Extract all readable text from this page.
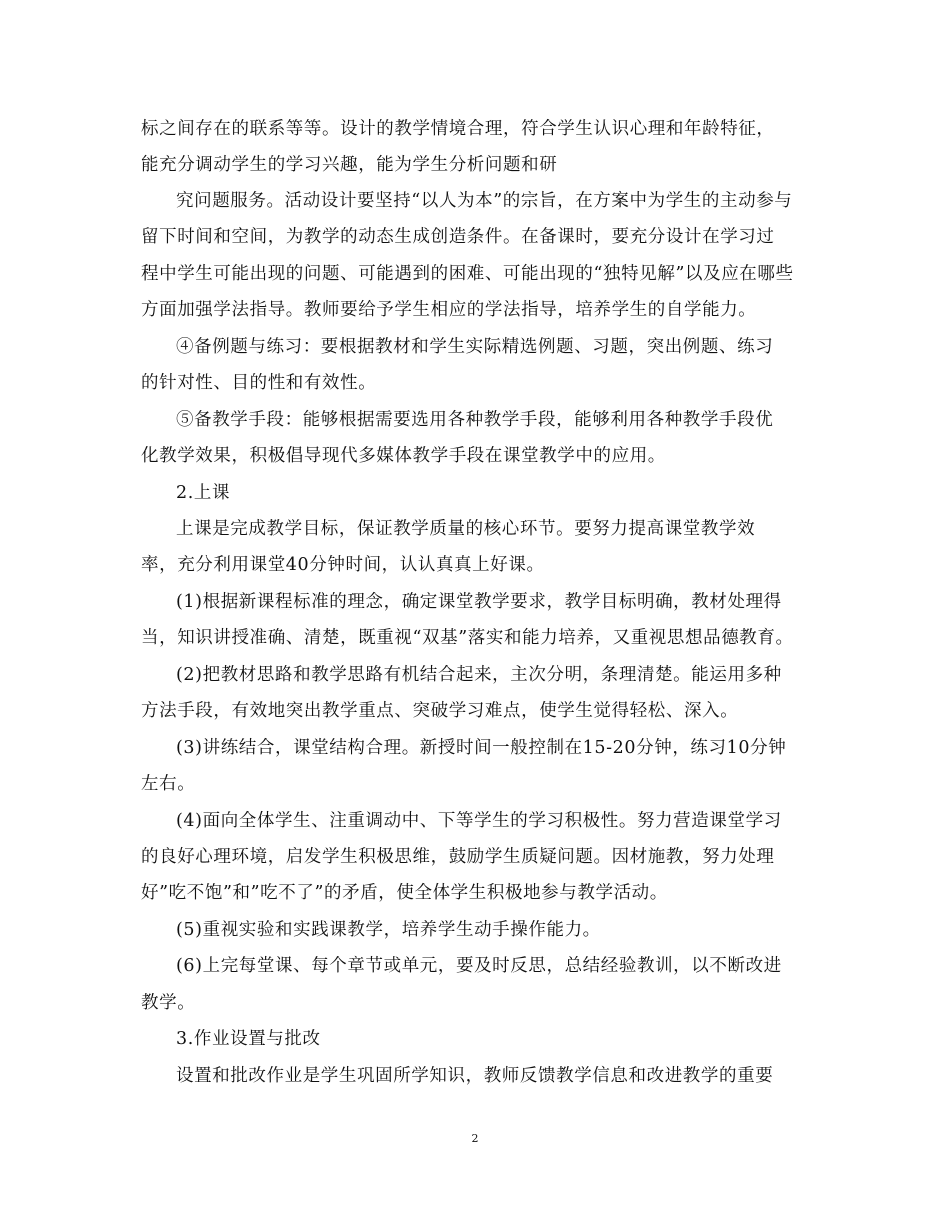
标之间存在的联系等等。设计的教学情境合理，符合学生认识心理和年龄特征，
能充分调动学生的学习兴趣，能为学生分析问题和研
究问题服务。活动设计要坚持“以人为本”的宗旨，在方案中为学生的主动参与
留下时间和空间，为教学的动态生成创造条件。在备课时，要充分设计在学习过
程中学生可能出现的问题、可能遇到的困难、可能出现的“独特见解”以及应在哪些
方面加强学法指导。教师要给予学生相应的学法指导，培养学生的自学能力。
④备例题与练习：要根据教材和学生实际精选例题、习题，突出例题、练习
的针对性、目的性和有效性。
⑤备教学手段：能够根据需要选用各种教学手段，能够利用各种教学手段优
化教学效果，积极倡导现代多媒体教学手段在课堂教学中的应用。
2.上课
上课是完成教学目标，保证教学质量的核心环节。要努力提高课堂教学效
率，充分利用课堂40分钟时间，认认真真上好课。
(1)根据新课程标准的理念，确定课堂教学要求，教学目标明确，教材处理得
当，知识讲授准确、清楚，既重视“双基”落实和能力培养，又重视思想品德教育。
(2)把教材思路和教学思路有机结合起来，主次分明，条理清楚。能运用多种
方法手段，有效地突出教学重点、突破学习难点，使学生觉得轻松、深入。
(3)讲练结合，课堂结构合理。新授时间一般控制在15-20分钟，练习10分钟
左右。
(4)面向全体学生、注重调动中、下等学生的学习积极性。努力营造课堂学习
的良好心理环境，启发学生积极思维，鼓励学生质疑问题。因材施教，努力处理
好”吃不饱”和”吃不了”的矛盾，使全体学生积极地参与教学活动。
(5)重视实验和实践课教学，培养学生动手操作能力。
(6)上完每堂课、每个章节或单元，要及时反思，总结经验教训，以不断改进
教学。
3.作业设置与批改
设置和批改作业是学生巩固所学知识，教师反馈教学信息和改进教学的重要
2
